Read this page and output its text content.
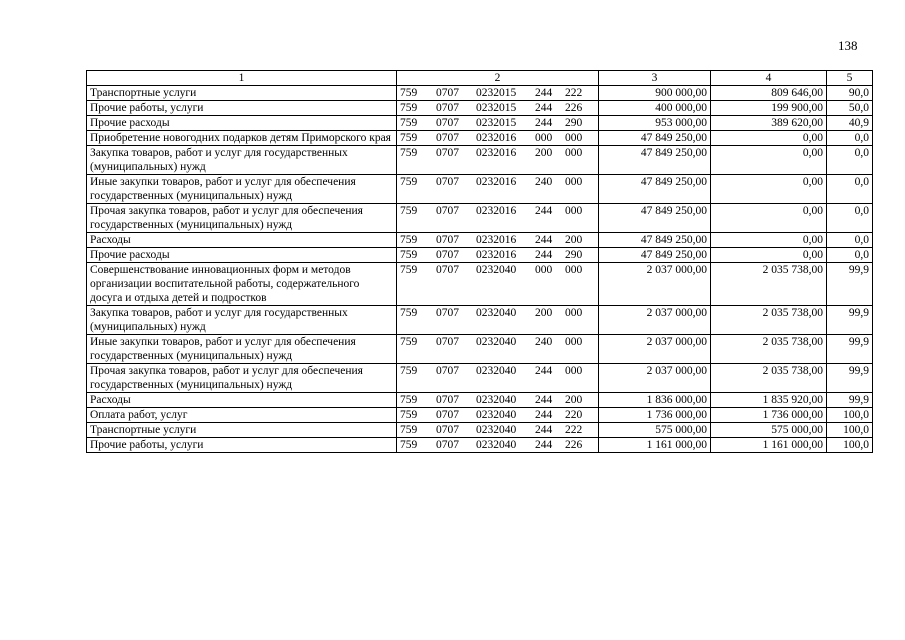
138
1	2	3	4	5
Транспортные услуги	759 0707 0232015 244 222	900 000,00	809 646,00	90,0
Прочие работы, услуги	759 0707 0232015 244 226	400 000,00	199 900,00	50,0
Прочие расходы	759 0707 0232015 244 290	953 000,00	389 620,00	40,9
Приобретение новогодних подарков детям Приморского края	759 0707 0232016 000 000	47 849 250,00	0,00	0,0
Закупка товаров, работ и услуг для государственных (муниципальных) нужд	759 0707 0232016 200 000	47 849 250,00	0,00	0,0
Иные закупки товаров, работ и услуг для обеспечения государственных (муниципальных) нужд	759 0707 0232016 240 000	47 849 250,00	0,00	0,0
Прочая закупка товаров, работ и услуг для обеспечения государственных (муниципальных) нужд	759 0707 0232016 244 000	47 849 250,00	0,00	0,0
Расходы	759 0707 0232016 244 200	47 849 250,00	0,00	0,0
Прочие расходы	759 0707 0232016 244 290	47 849 250,00	0,00	0,0
Совершенствование инновационных форм и методов организации воспитательной работы, содержательного досуга и отдыха детей и подростков	759 0707 0232040 000 000	2 037 000,00	2 035 738,00	99,9
Закупка товаров, работ и услуг для государственных (муниципальных) нужд	759 0707 0232040 200 000	2 037 000,00	2 035 738,00	99,9
Иные закупки товаров, работ и услуг для обеспечения государственных (муниципальных) нужд	759 0707 0232040 240 000	2 037 000,00	2 035 738,00	99,9
Прочая закупка товаров, работ и услуг для обеспечения государственных (муниципальных) нужд	759 0707 0232040 244 000	2 037 000,00	2 035 738,00	99,9
Расходы	759 0707 0232040 244 200	1 836 000,00	1 835 920,00	99,9
Оплата работ, услуг	759 0707 0232040 244 220	1 736 000,00	1 736 000,00	100,0
Транспортные услуги	759 0707 0232040 244 222	575 000,00	575 000,00	100,0
Прочие работы, услуги	759 0707 0232040 244 226	1 161 000,00	1 161 000,00	100,0
